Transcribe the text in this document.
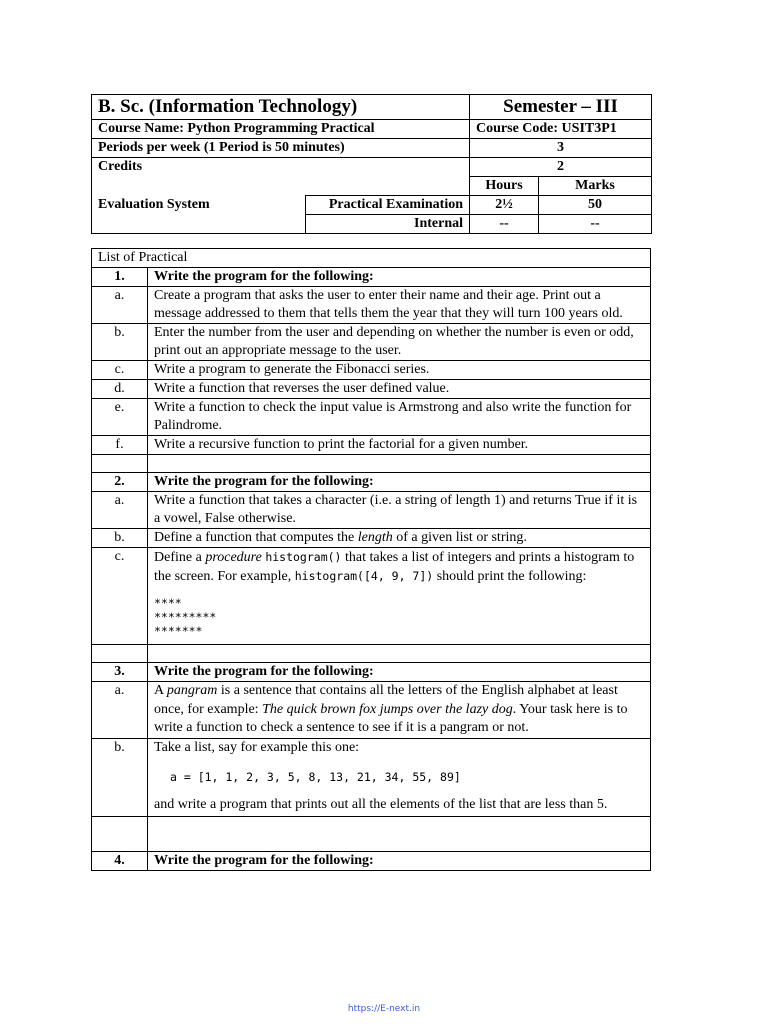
B. Sc. (Information Technology)		Semester – III	
Course Name: Python Programming Practical		Course Code: USIT3P1	
Periods per week (1 Period is 50 minutes)		3	
Credits		2	
		Hours	Marks
Evaluation System	Practical Examination	2½	50
	Internal	--	--
List of Practical	
1.	Write the program for the following:
a.	Create a program that asks the user to enter their name and their age. Print out a message addressed to them that tells them the year that they will turn 100 years old.
b.	Enter the number from the user and depending on whether the number is even or odd, print out an appropriate message to the user.
c.	Write a program to generate the Fibonacci series.
d.	Write a function that reverses the user defined value.
e.	Write a function to check the input value is Armstrong and also write the function for Palindrome.
f.	Write a recursive function to print the factorial for a given number.

2.	Write the program for the following:
a.	Write a function that takes a character (i.e. a string of length 1) and returns True if it is a vowel, False otherwise.
b.	Define a function that computes the length of a given list or string.
c.	Define a procedure histogram() that takes a list of integers and prints a histogram to the screen. For example, histogram([4, 9, 7]) should print the following:
****
*********
*******

3.	Write the program for the following:
a.	A pangram is a sentence that contains all the letters of the English alphabet at least once, for example: The quick brown fox jumps over the lazy dog. Your task here is to write a function to check a sentence to see if it is a pangram or not.
b.	Take a list, say for example this one:
a = [1, 1, 2, 3, 5, 8, 13, 21, 34, 55, 89]
and write a program that prints out all the elements of the list that are less than 5.

4.	Write the program for the following:
https://E-next.in
